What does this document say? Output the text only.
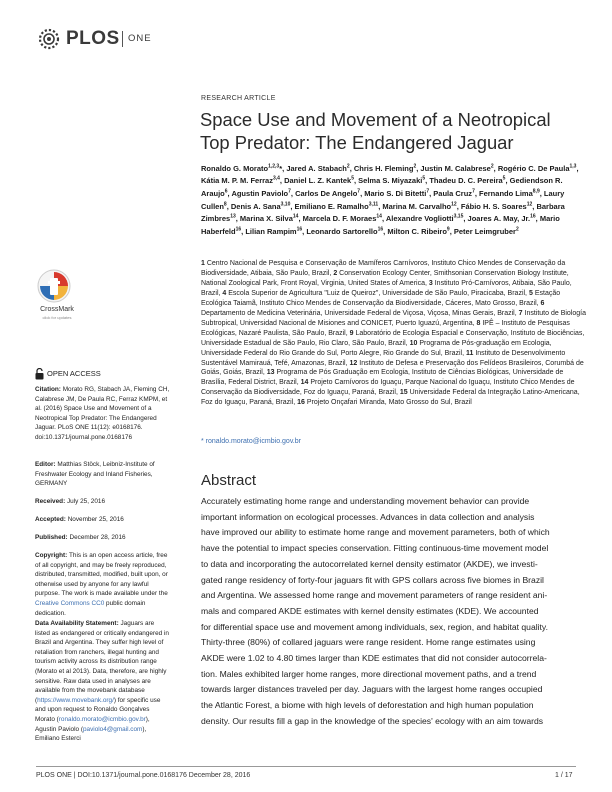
PLOS ONE
RESEARCH ARTICLE
Space Use and Movement of a Neotropical
Top Predator: The Endangered Jaguar
Ronaldo G. Morato$^{1,2,3}$*, Jared A. Stabach$^2$, Chris H. Fleming$^2$, Justin M. Calabrese$^2$, Rogério C. De Paula$^{1,3}$, Kátia M. P. M. Ferraz$^{3,4}$, Daniel L. Z. Kantek$^5$, Selma S. Miyazaki$^5$, Thadeu D. C. Pereira$^5$, Gediendson R. Araujo$^6$, Agustin Paviolo$^7$, Carlos De Angelo$^7$, Mario S. Di Bitetti$^7$, Paula Cruz$^7$, Fernando Lima$^{8,9}$, Laury Cullen$^8$, Denis A. Sana$^{3,10}$, Emiliano E. Ramalho$^{3,11}$, Marina M. Carvalho$^{12}$, Fábio H. S. Soares$^{12}$, Barbara Zimbres$^{13}$, Marina X. Silva$^{14}$, Marcela D. F. Moraes$^{14}$, Alexandre Vogliotti$^{3,15}$, Joares A. May, Jr.$^{16}$, Mario Haberfeld$^{16}$, Lilian Rampim$^{16}$, Leonardo Sartorello$^{16}$, Milton C. Ribeiro$^9$, Peter Leimgruber$^2$
1 Centro Nacional de Pesquisa e Conservação de Mamíferos Carnívoros, Instituto Chico Mendes de Conservação da Biodiversidade, Atibaia, São Paulo, Brazil, 2 Conservation Ecology Center, Smithsonian Conservation Biology Institute, National Zoological Park, Front Royal, Virginia, United States of America, 3 Instituto Pró-Carnívoros, Atibaia, São Paulo, Brazil, 4 Escola Superior de Agricultura "Luiz de Queiroz", Universidade de São Paulo, Piracicaba, Brazil, 5 Estação Ecológica Taiamã, Instituto Chico Mendes de Conservação da Biodiversidade, Cáceres, Mato Grosso, Brazil, 6 Departamento de Medicina Veterinária, Universidade Federal de Viçosa, Viçosa, Minas Gerais, Brazil, 7 Instituto de Biología Subtropical, Universidad Nacional de Misiones and CONICET, Puerto Iguazú, Argentina, 8 IPÊ – Instituto de Pesquisas Ecológicas, Nazaré Paulista, São Paulo, Brazil, 9 Laboratório de Ecologia Espacial e Conservação, Instituto de Biociências, Universidade Estadual de São Paulo, Rio Claro, São Paulo, Brazil, 10 Programa de Pós-graduação em Ecologia, Universidade Federal do Rio Grande do Sul, Porto Alegre, Rio Grande do Sul, Brazil, 11 Instituto de Desenvolvimento Sustentável Mamirauá, Tefé, Amazonas, Brazil, 12 Instituto de Defesa e Preservação dos Felídeos Brasileiros, Corumbá de Goiás, Goiás, Brazil, 13 Programa de Pós Graduação em Ecologia, Instituto de Ciências Biológicas, Universidade de Brasília, Federal District, Brazil, 14 Projeto Carnívoros do Iguaçu, Parque Nacional do Iguaçu, Instituto Chico Mendes de Conservação da Biodiversidade, Foz do Iguaçu, Paraná, Brazil, 15 Universidade Federal da Integração Latino-Americana, Foz do Iguaçu, Paraná, Brazil, 16 Projeto Onçafari Miranda, Mato Grosso do Sul, Brazil
* ronaldo.morato@icmbio.gov.br
Abstract
Accurately estimating home range and understanding movement behavior can provide
important information on ecological processes. Advances in data collection and analysis
have improved our ability to estimate home range and movement parameters, both of which
have the potential to impact species conservation. Fitting continuous-time movement model
to data and incorporating the autocorrelated kernel density estimator (AKDE), we investi-
gated range residency of forty-four jaguars fit with GPS collars across five biomes in Brazil
and Argentina. We assessed home range and movement parameters of range resident ani-
mals and compared AKDE estimates with kernel density estimates (KDE). We accounted
for differential space use and movement among individuals, sex, region, and habitat quality.
Thirty-three (80%) of collared jaguars were range resident. Home range estimates using
AKDE were 1.02 to 4.80 times larger than KDE estimates that did not consider autocorrela-
tion. Males exhibited larger home ranges, more directional movement paths, and a trend
towards larger distances traveled per day. Jaguars with the largest home ranges occupied
the Atlantic Forest, a biome with high levels of deforestation and high human population
density. Our results fill a gap in the knowledge of the species' ecology with an aim towards
CrossMark
click for updates
OPEN ACCESS
Citation: Morato RG, Stabach JA, Fleming CH, Calabrese JM, De Paula RC, Ferraz KMPM, et al. (2016) Space Use and Movement of a Neotropical Top Predator: The Endangered Jaguar. PLoS ONE 11(12): e0168176. doi:10.1371/journal.pone.0168176
Editor: Matthias Stöck, Leibniz-Institute of Freshwater Ecology and Inland Fisheries, GERMANY
Received: July 25, 2016
Accepted: November 25, 2016
Published: December 28, 2016
Copyright: This is an open access article, free of all copyright, and may be freely reproduced, distributed, transmitted, modified, built upon, or otherwise used by anyone for any lawful purpose. The work is made available under the Creative Commons CC0 public domain dedication.
Data Availability Statement: Jaguars are listed as endangered or critically endangered in Brazil and Argentina. They suffer high level of retaliation from ranchers, illegal hunting and tourism activity across its distribution range (Morato et al 2013). Data, therefore, are highly sensitive. Raw data used in analyses are available from the movebank database (https://www.movebank.org/) for specific use and upon request to Ronaldo Gonçalves Morato (ronaldo.morato@icmbio.gov.br), Agustin Paviolo (paviolo4@gmail.com), Emiliano Esterci
PLOS ONE | DOI:10.1371/journal.pone.0168176 December 28, 2016	1 / 17
